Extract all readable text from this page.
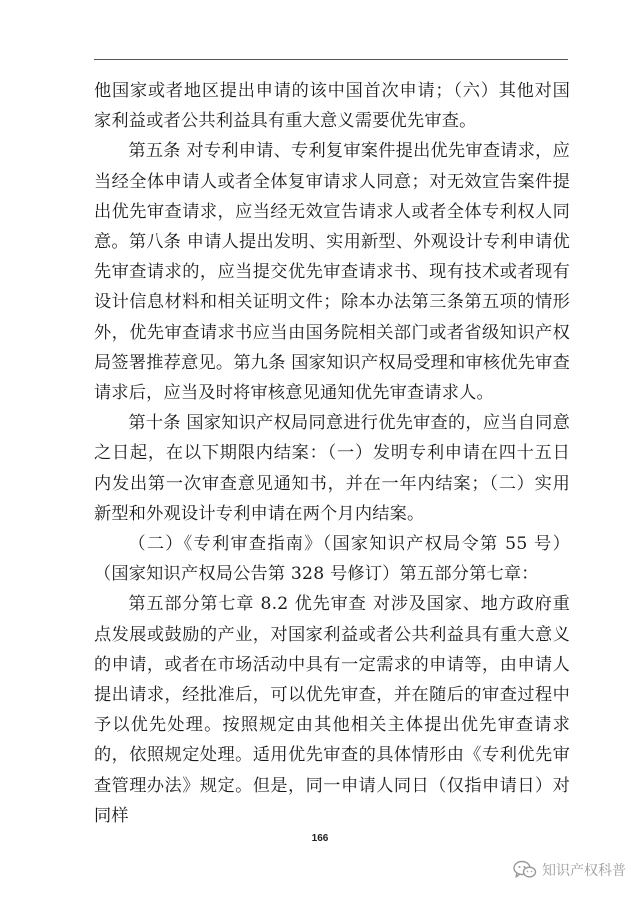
他国家或者地区提出申请的该中国首次申请；（六）其他对国家利益或者公共利益具有重大意义需要优先审查。

第五条 对专利申请、专利复审案件提出优先审查请求，应当经全体申请人或者全体复审请求人同意；对无效宣告案件提出优先审查请求，应当经无效宣告请求人或者全体专利权人同意。第八条 申请人提出发明、实用新型、外观设计专利申请优先审查请求的，应当提交优先审查请求书、现有技术或者现有设计信息材料和相关证明文件；除本办法第三条第五项的情形外，优先审查请求书应当由国务院相关部门或者省级知识产权局签署推荐意见。第九条 国家知识产权局受理和审核优先审查请求后，应当及时将审核意见通知优先审查请求人。

第十条 国家知识产权局同意进行优先审查的，应当自同意之日起，在以下期限内结案：（一）发明专利申请在四十五日内发出第一次审查意见通知书，并在一年内结案；（二）实用新型和外观设计专利申请在两个月内结案。

（二）《专利审查指南》（国家知识产权局令第 55 号）（国家知识产权局公告第 328 号修订）第五部分第七章：

第五部分第七章 8.2 优先审查 对涉及国家、地方政府重点发展或鼓励的产业，对国家利益或者公共利益具有重大意义的申请，或者在市场活动中具有一定需求的申请等，由申请人提出请求，经批准后，可以优先审查，并在随后的审查过程中予以优先处理。按照规定由其他相关主体提出优先审查请求的，依照规定处理。适用优先审查的具体情形由《专利优先审查管理办法》规定。但是，同一申请人同日（仅指申请日）对同样

166
知识产权科普
